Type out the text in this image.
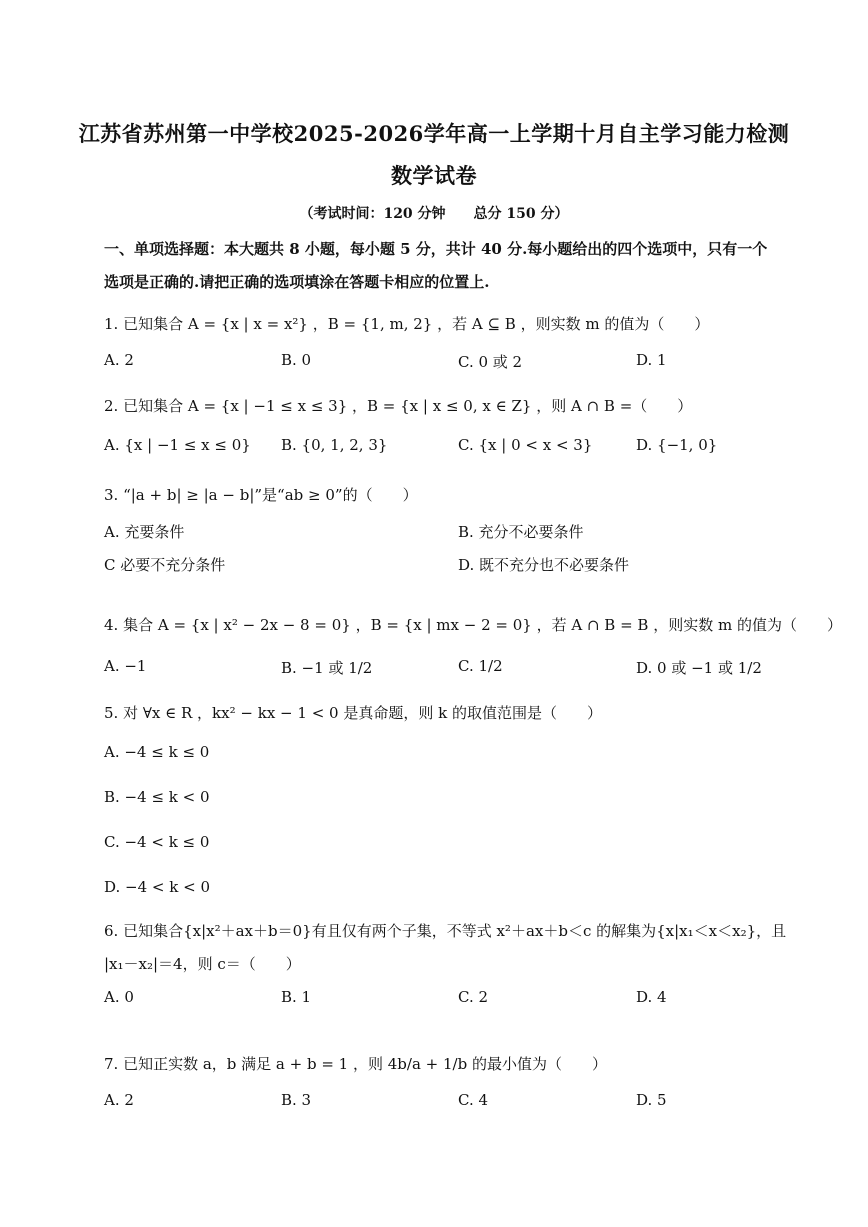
江苏省苏州第一中学校2025-2026学年高一上学期十月自主学习能力检测
数学试卷
（考试时间：120 分钟　　总分 150 分）
一、单项选择题：本大题共 8 小题，每小题 5 分，共计 40 分.每小题给出的四个选项中，只有一个
选项是正确的.请把正确的选项填涂在答题卡相应的位置上.
1. 已知集合 A = {x | x = x²} ，B = {1, m, 2} ，若 A ⊆ B ，则实数 m 的值为（　　）
A. 2	B. 0	C. 0 或 2	D. 1
2. 已知集合 A = {x | −1 ≤ x ≤ 3} ，B = {x | x ≤ 0, x ∈ Z} ，则 A ∩ B =（　　）
A. {x | −1 ≤ x ≤ 0} B. {0, 1, 2, 3}	C. {x | 0 < x < 3}	D. {−1, 0}
3. “|a + b| ≥ |a − b|”是“ab ≥ 0”的（　　）
A. 充要条件	B. 充分不必要条件
C 必要不充分条件	D. 既不充分也不必要条件
4. 集合 A = {x | x² − 2x − 8 = 0} ，B = {x | mx − 2 = 0} ，若 A ∩ B = B ，则实数 m 的值为（　　）
A. −1	B. −1 或 1/2	C. 1/2	D. 0 或 −1 或 1/2
5. 对 ∀x ∈ R ，kx² − kx − 1 < 0 是真命题，则 k 的取值范围是（　　）
A. −4 ≤ k ≤ 0
B. −4 ≤ k < 0
C. −4 < k ≤ 0
D. −4 < k < 0
6. 已知集合{x|x²＋ax＋b＝0}有且仅有两个子集，不等式 x²＋ax＋b＜c 的解集为{x|x₁＜x＜x₂}，且
|x₁－x₂|＝4，则 c＝（　　）
A. 0	B. 1	C. 2	D. 4
7. 已知正实数 a，b 满足 a + b = 1 ，则 4b/a + 1/b 的最小值为（　　）
A. 2	B. 3	C. 4	D. 5
